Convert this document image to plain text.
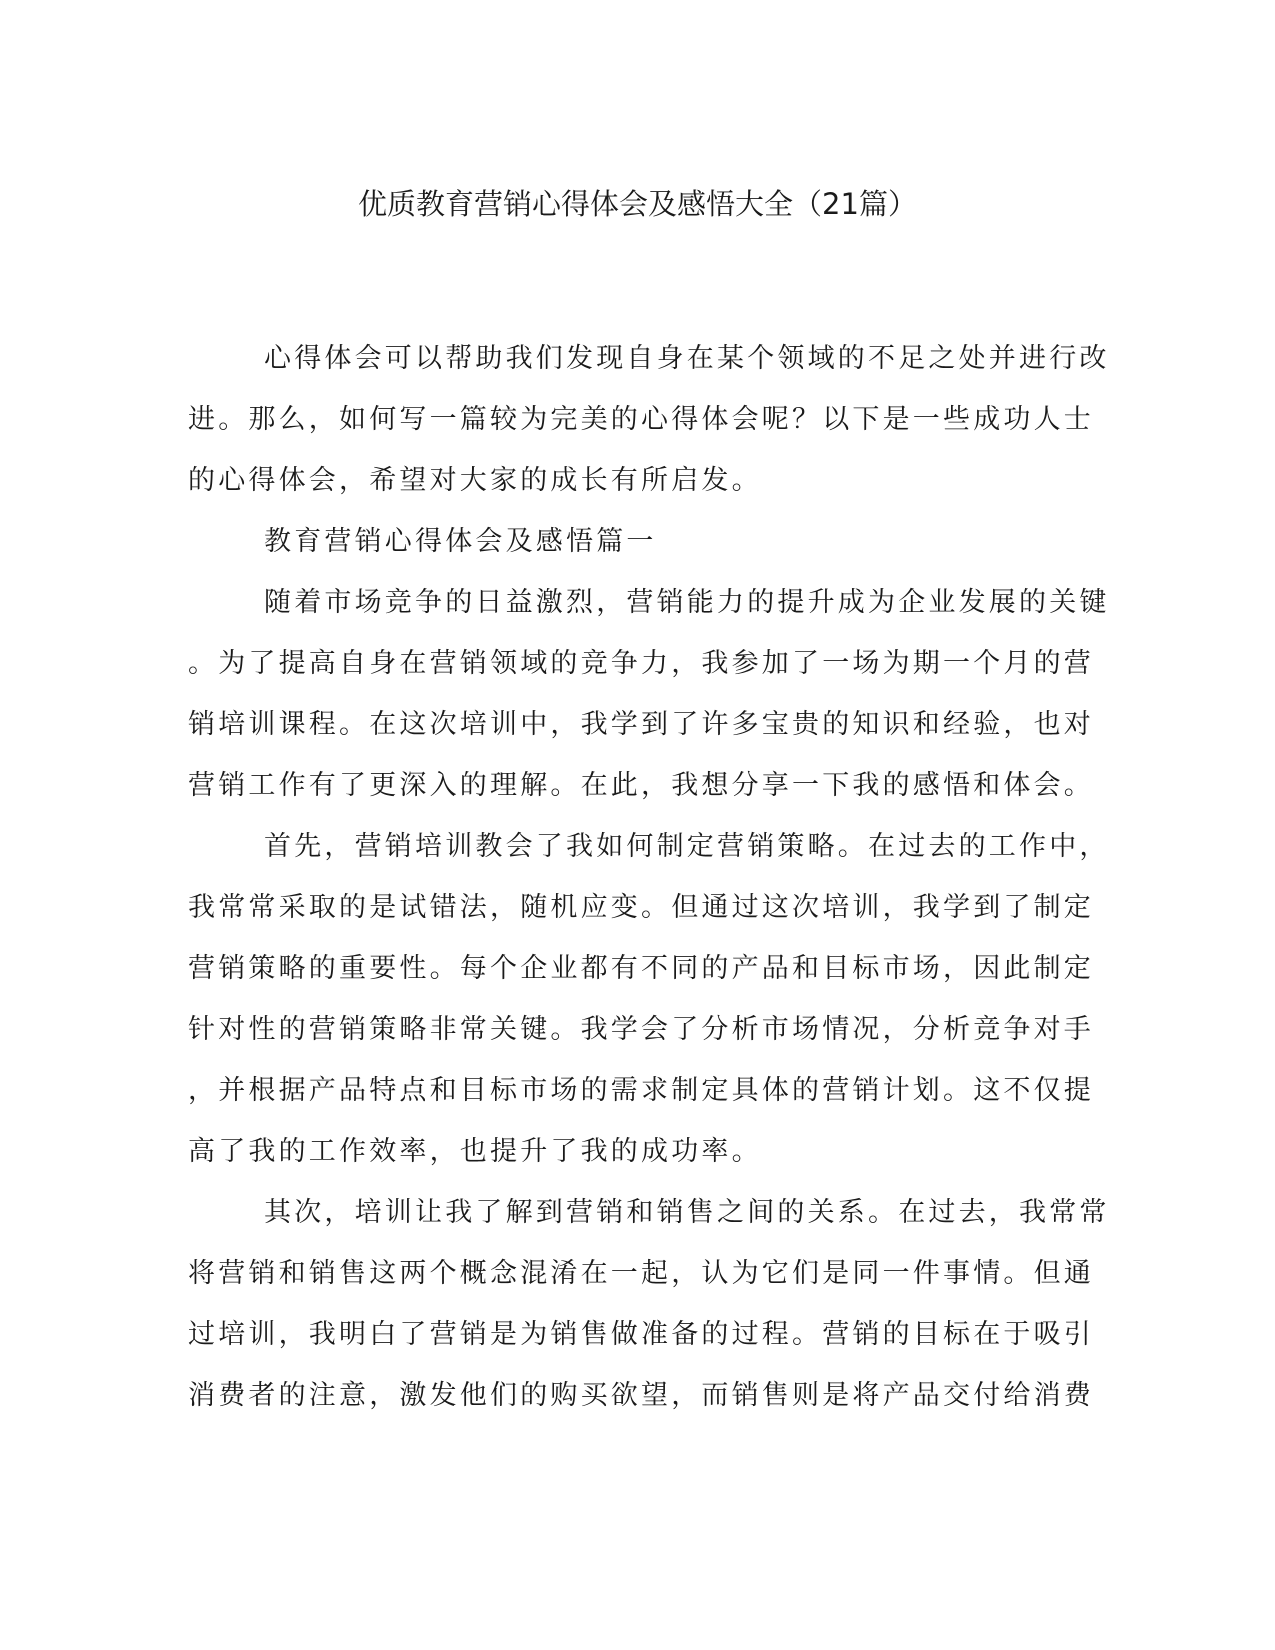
优质教育营销心得体会及感悟大全（21篇）
心得体会可以帮助我们发现自身在某个领域的不足之处并进行改
进。那么，如何写一篇较为完美的心得体会呢？以下是一些成功人士
的心得体会，希望对大家的成长有所启发。
教育营销心得体会及感悟篇一
随着市场竞争的日益激烈，营销能力的提升成为企业发展的关键
。为了提高自身在营销领域的竞争力，我参加了一场为期一个月的营
销培训课程。在这次培训中，我学到了许多宝贵的知识和经验，也对
营销工作有了更深入的理解。在此，我想分享一下我的感悟和体会。
首先，营销培训教会了我如何制定营销策略。在过去的工作中，
我常常采取的是试错法，随机应变。但通过这次培训，我学到了制定
营销策略的重要性。每个企业都有不同的产品和目标市场，因此制定
针对性的营销策略非常关键。我学会了分析市场情况，分析竞争对手
，并根据产品特点和目标市场的需求制定具体的营销计划。这不仅提
高了我的工作效率，也提升了我的成功率。
其次，培训让我了解到营销和销售之间的关系。在过去，我常常
将营销和销售这两个概念混淆在一起，认为它们是同一件事情。但通
过培训，我明白了营销是为销售做准备的过程。营销的目标在于吸引
消费者的注意，激发他们的购买欲望，而销售则是将产品交付给消费
